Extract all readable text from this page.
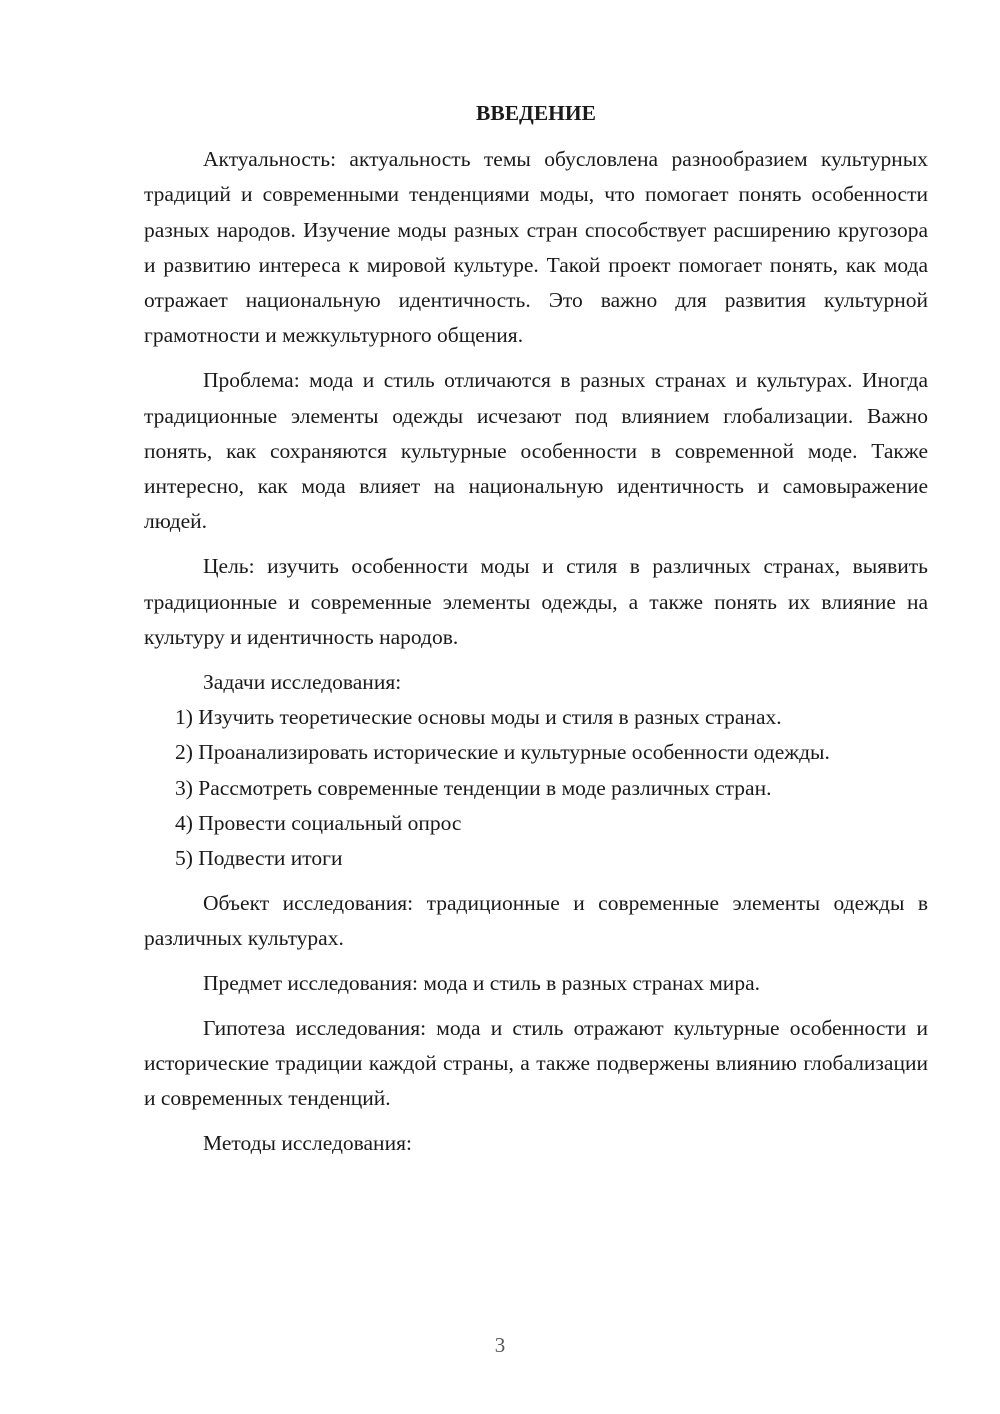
ВВЕДЕНИЕ

Актуальность: актуальность темы обусловлена разнообразием культурных традиций и современными тенденциями моды, что помогает понять особенности разных народов. Изучение моды разных стран способствует расширению кругозора и развитию интереса к мировой культуре. Такой проект помогает понять, как мода отражает национальную идентичность. Это важно для развития культурной грамотности и межкультурного общения.

Проблема: мода и стиль отличаются в разных странах и культурах. Иногда традиционные элементы одежды исчезают под влиянием глобализации. Важно понять, как сохраняются культурные особенности в современной моде. Также интересно, как мода влияет на национальную идентичность и самовыражение людей.

Цель: изучить особенности моды и стиля в различных странах, выявить традиционные и современные элементы одежды, а также понять их влияние на культуру и идентичность народов.

Задачи исследования:

1) Изучить теоретические основы моды и стиля в разных странах.

2) Проанализировать исторические и культурные особенности одежды.

3) Рассмотреть современные тенденции в моде различных стран.

4) Провести социальный опрос

5) Подвести итоги

Объект исследования: традиционные и современные элементы одежды в различных культурах.

Предмет исследования: мода и стиль в разных странах мира.

Гипотеза исследования: мода и стиль отражают культурные особенности и исторические традиции каждой страны, а также подвержены влиянию глобализации и современных тенденций.

Методы исследования:

3
